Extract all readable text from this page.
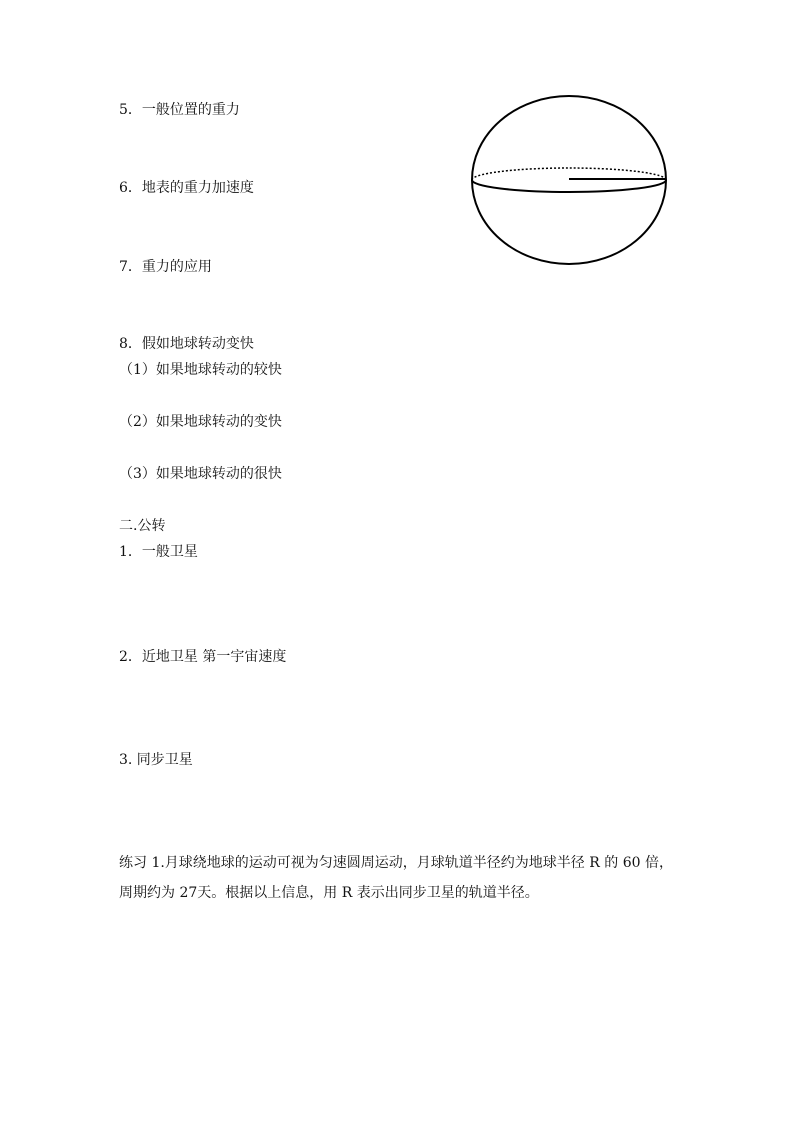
5．一般位置的重力
6．地表的重力加速度
7．重力的应用
8．假如地球转动变快
（1）如果地球转动的较快
（2）如果地球转动的变快
（3）如果地球转动的很快
二.公转
1．一般卫星
2．近地卫星 第一宇宙速度
3. 同步卫星
练习 1.月球绕地球的运动可视为匀速圆周运动，月球轨道半径约为地球半径 R 的 60 倍，周期约为 27天。根据以上信息，用 R 表示出同步卫星的轨道半径。
